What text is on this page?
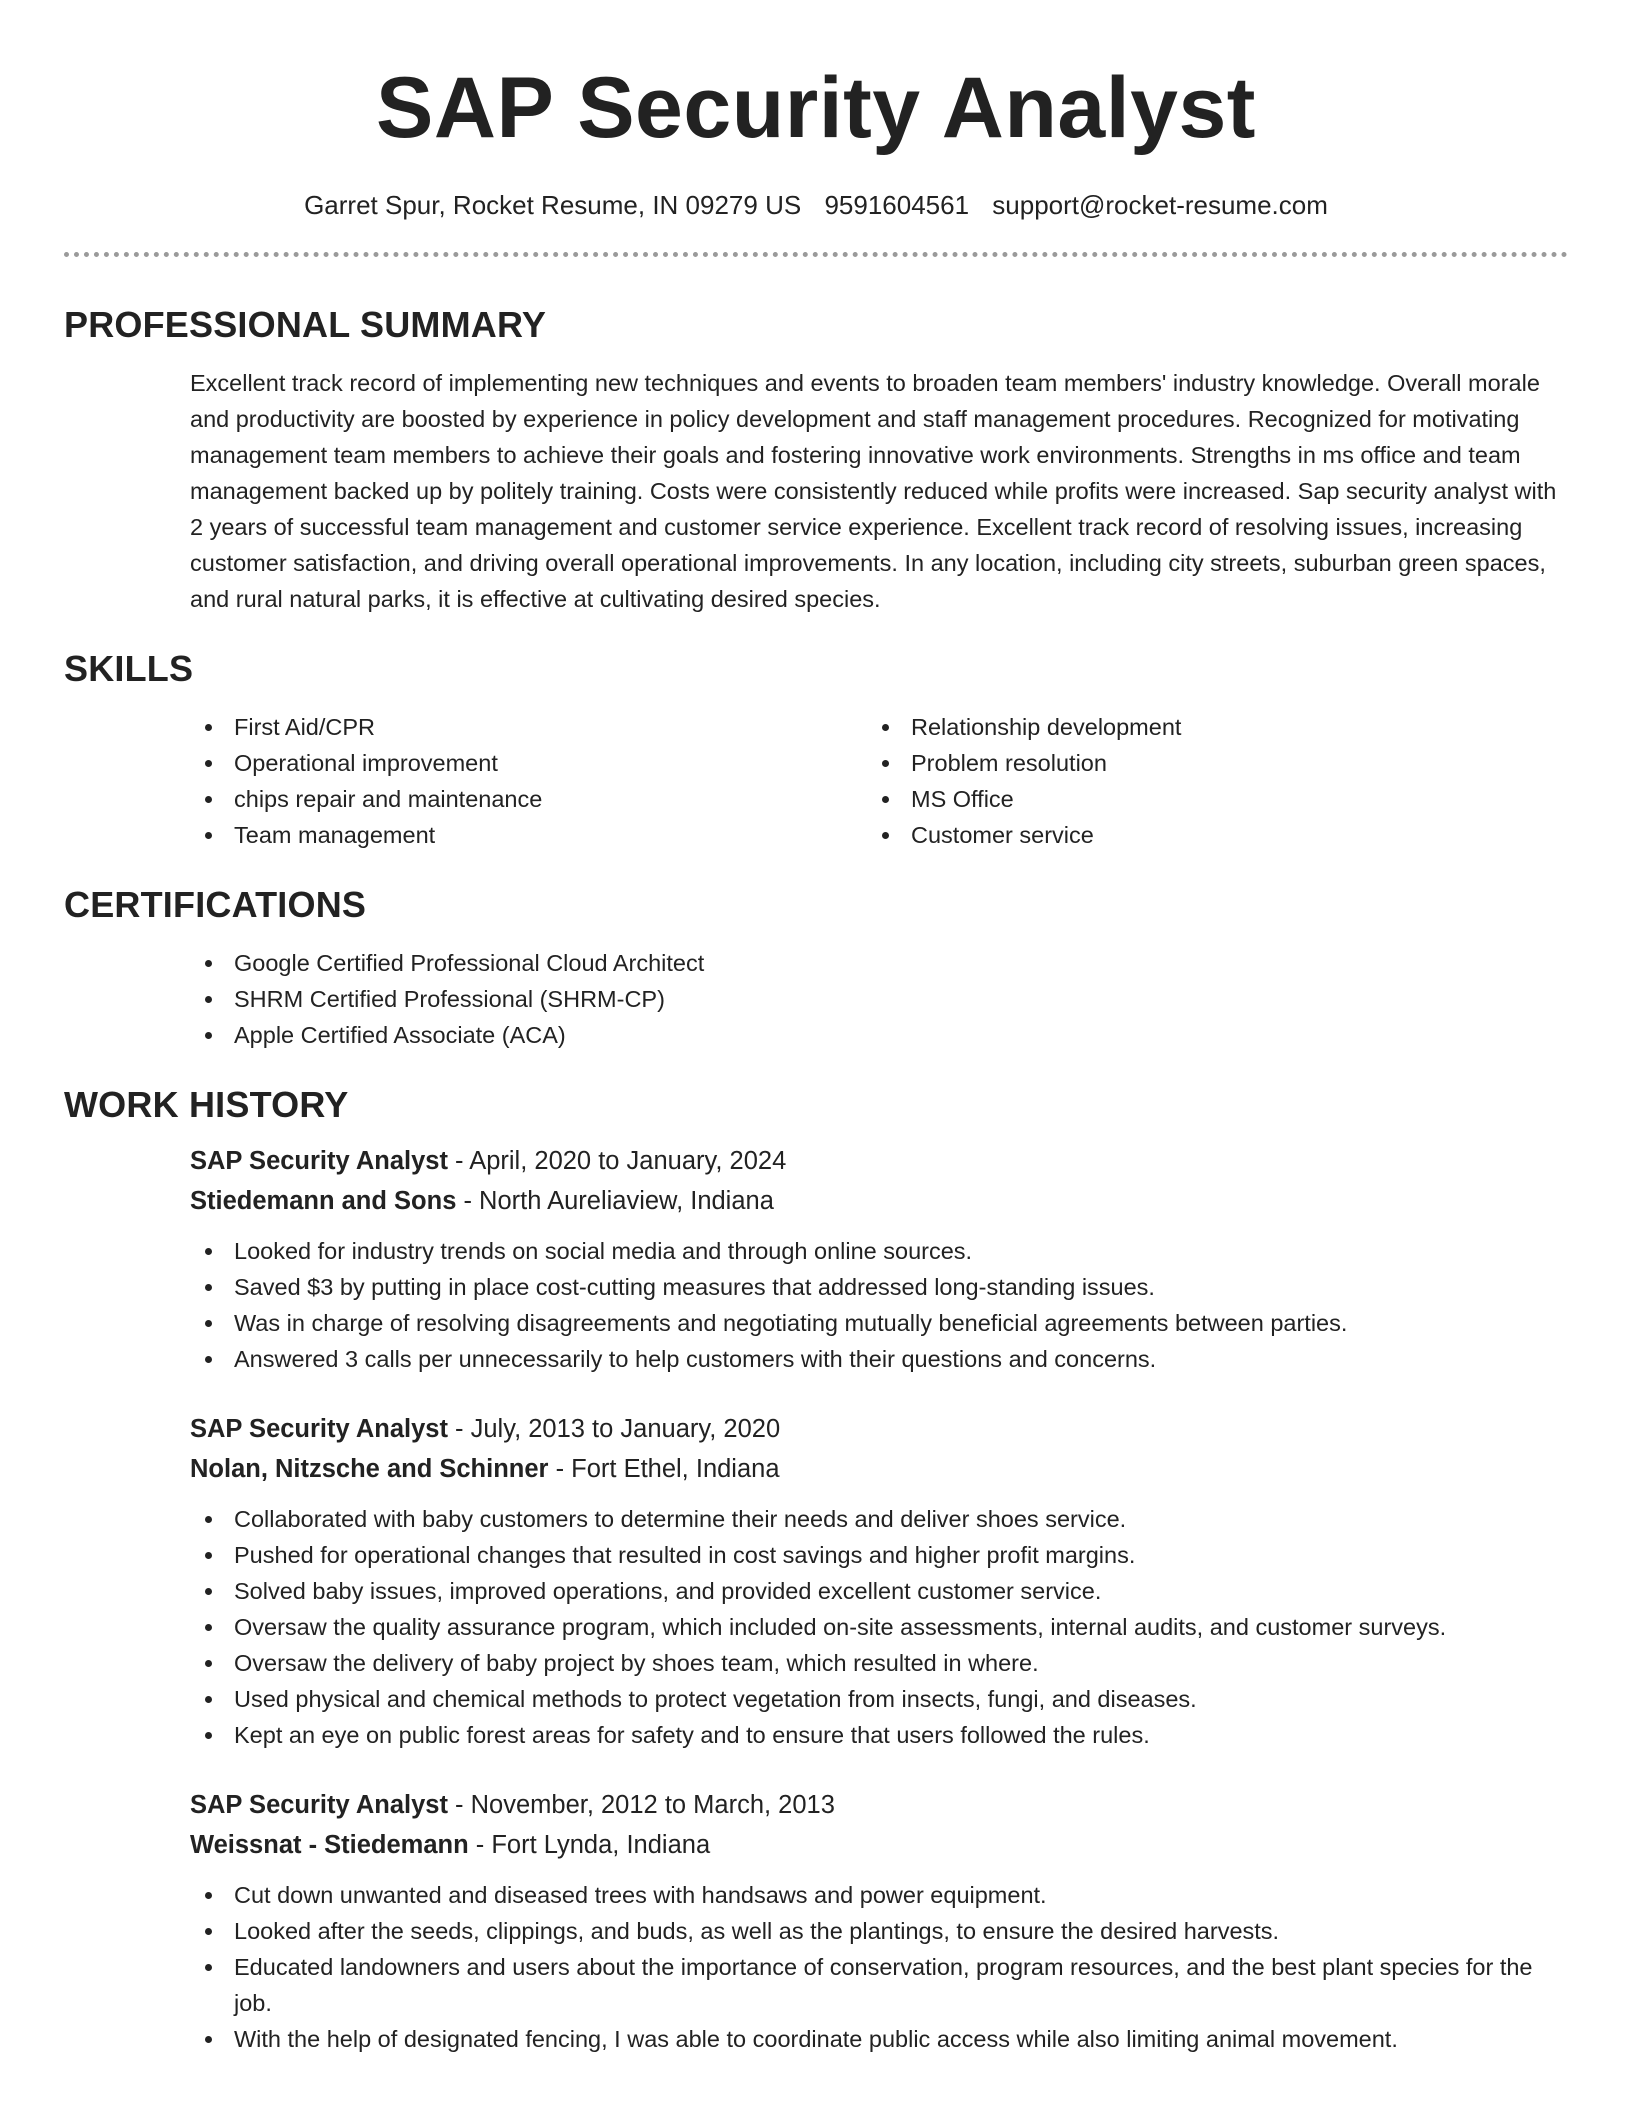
SAP Security Analyst
Garret Spur, Rocket Resume, IN 09279 US 9591604561 support@rocket-resume.com
PROFESSIONAL SUMMARY

Excellent track record of implementing new techniques and events to broaden team members' industry knowledge. Overall morale and productivity are boosted by experience in policy development and staff management procedures. Recognized for motivating management team members to achieve their goals and fostering innovative work environments. Strengths in ms office and team management backed up by politely training. Costs were consistently reduced while profits were increased. Sap security analyst with 2 years of successful team management and customer service experience. Excellent track record of resolving issues, increasing customer satisfaction, and driving overall operational improvements. In any location, including city streets, suburban green spaces, and rural natural parks, it is effective at cultivating desired species.

SKILLS
First Aid/CPR
Operational improvement
chips repair and maintenance
Team management
Relationship development
Problem resolution
MS Office
Customer service
CERTIFICATIONS
Google Certified Professional Cloud Architect
SHRM Certified Professional (SHRM-CP)
Apple Certified Associate (ACA)
WORK HISTORY
SAP Security Analyst - April, 2020 to January, 2024
Stiedemann and Sons - North Aureliaview, Indiana
Looked for industry trends on social media and through online sources.
Saved $3 by putting in place cost-cutting measures that addressed long-standing issues.
Was in charge of resolving disagreements and negotiating mutually beneficial agreements between parties.
Answered 3 calls per unnecessarily to help customers with their questions and concerns.
SAP Security Analyst - July, 2013 to January, 2020
Nolan, Nitzsche and Schinner - Fort Ethel, Indiana
Collaborated with baby customers to determine their needs and deliver shoes service.
Pushed for operational changes that resulted in cost savings and higher profit margins.
Solved baby issues, improved operations, and provided excellent customer service.
Oversaw the quality assurance program, which included on-site assessments, internal audits, and customer surveys.
Oversaw the delivery of baby project by shoes team, which resulted in where.
Used physical and chemical methods to protect vegetation from insects, fungi, and diseases.
Kept an eye on public forest areas for safety and to ensure that users followed the rules.
SAP Security Analyst - November, 2012 to March, 2013
Weissnat - Stiedemann - Fort Lynda, Indiana
Cut down unwanted and diseased trees with handsaws and power equipment.
Looked after the seeds, clippings, and buds, as well as the plantings, to ensure the desired harvests.
Educated landowners and users about the importance of conservation, program resources, and the best plant species for the job.
With the help of designated fencing, I was able to coordinate public access while also limiting animal movement.
